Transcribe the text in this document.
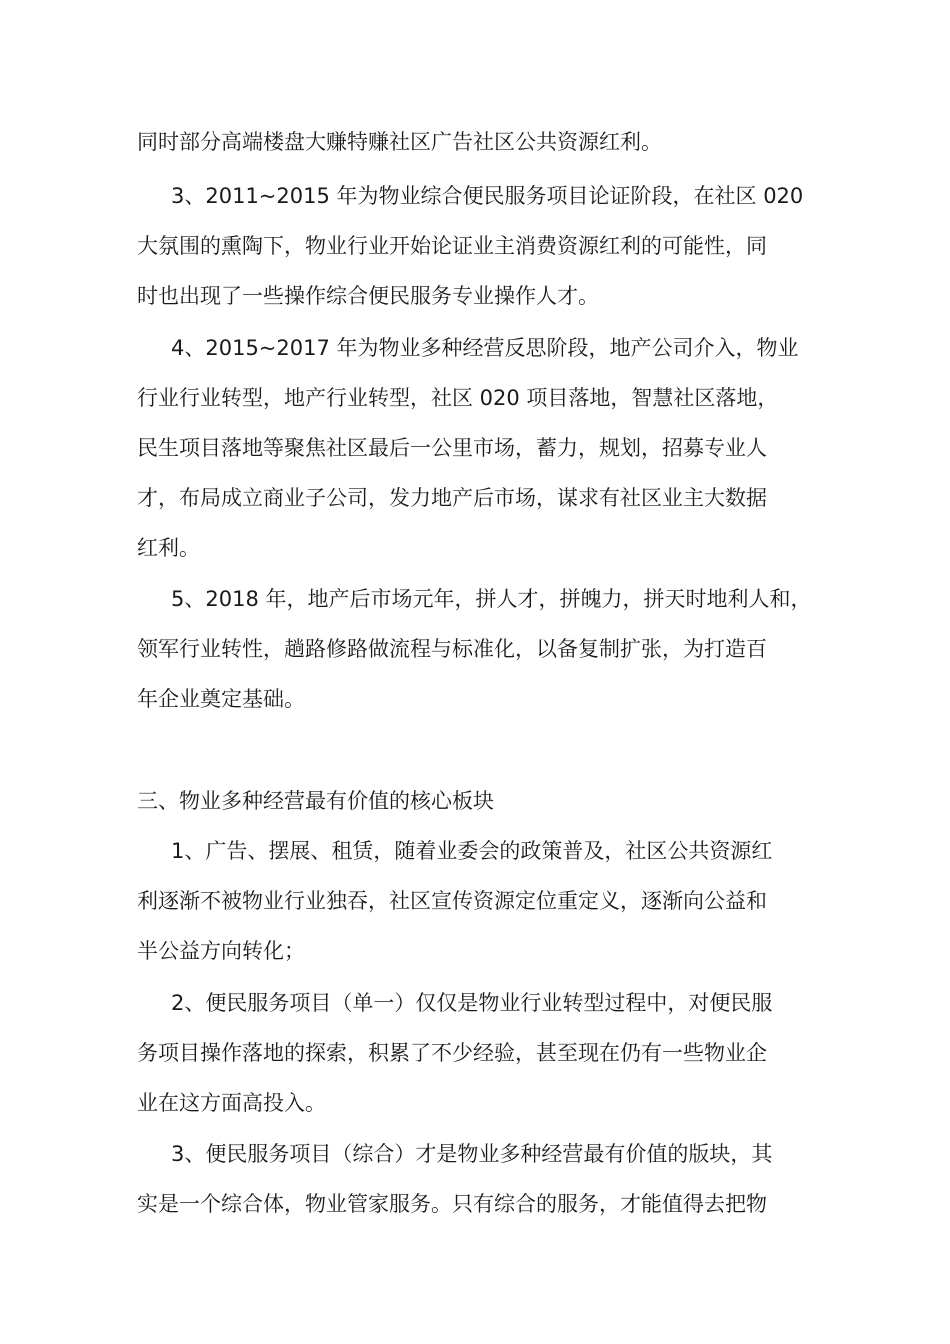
同时部分高端楼盘大赚特赚社区广告社区公共资源红利。
3、2011~2015 年为物业综合便民服务项目论证阶段，在社区 020
大氛围的熏陶下，物业行业开始论证业主消费资源红利的可能性，同
时也出现了一些操作综合便民服务专业操作人才。
4、2015~2017 年为物业多种经营反思阶段，地产公司介入，物业
行业行业转型，地产行业转型，社区 020 项目落地，智慧社区落地，
民生项目落地等聚焦社区最后一公里市场，蓄力，规划，招募专业人
才，布局成立商业子公司，发力地产后市场，谋求有社区业主大数据
红利。
5、2018 年，地产后市场元年，拼人才，拼魄力，拼天时地利人和，
领军行业转性，趟路修路做流程与标准化，以备复制扩张，为打造百
年企业奠定基础。
三、物业多种经营最有价值的核心板块
1、广告、摆展、租赁，随着业委会的政策普及，社区公共资源红
利逐渐不被物业行业独吞，社区宣传资源定位重定义，逐渐向公益和
半公益方向转化；
2、便民服务项目（单一）仅仅是物业行业转型过程中，对便民服
务项目操作落地的探索，积累了不少经验，甚至现在仍有一些物业企
业在这方面高投入。
3、便民服务项目（综合）才是物业多种经营最有价值的版块，其
实是一个综合体，物业管家服务。只有综合的服务，才能值得去把物
